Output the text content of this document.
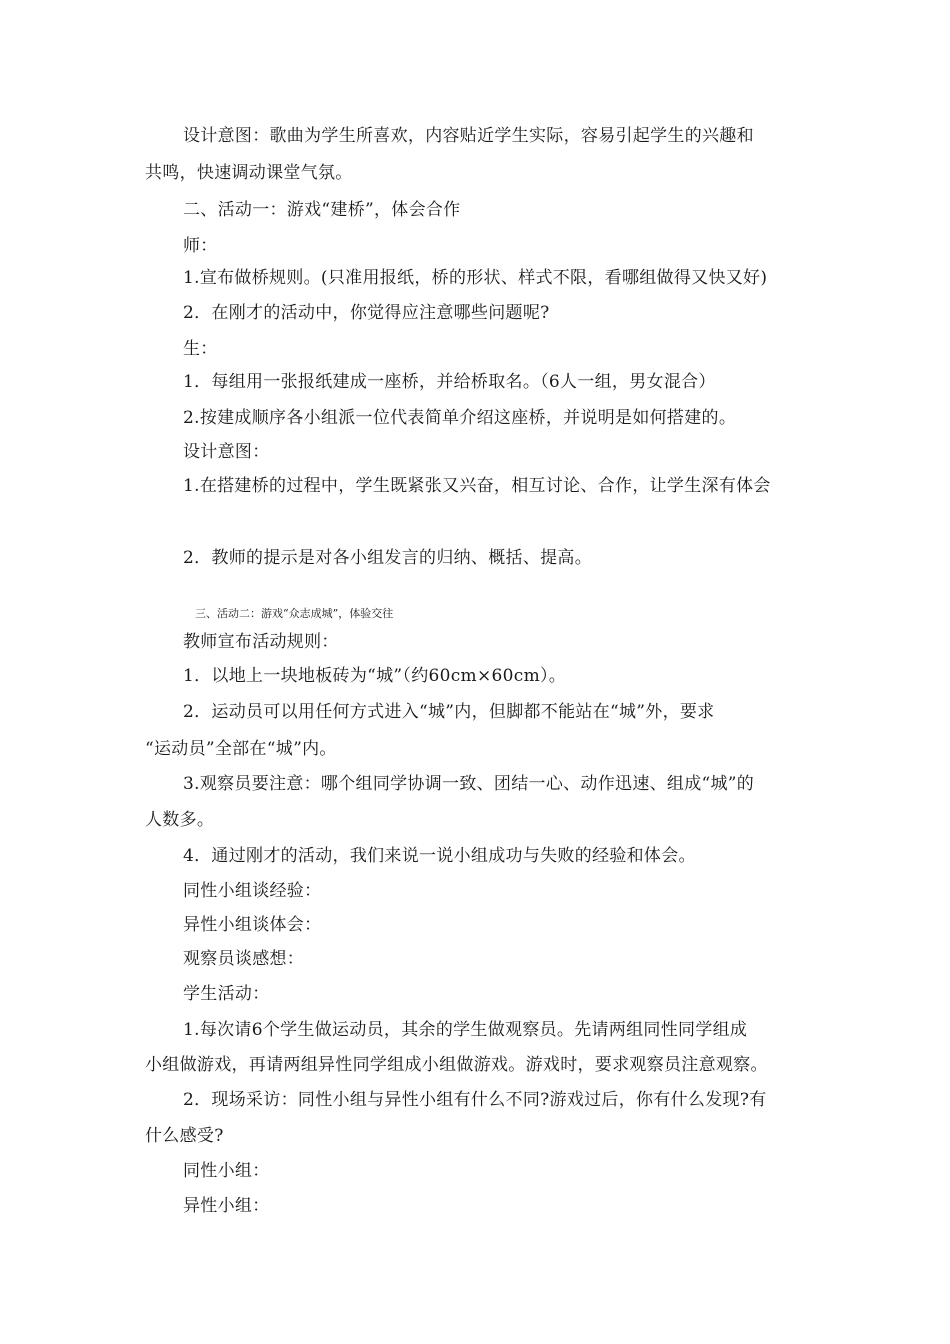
设计意图：歌曲为学生所喜欢，内容贴近学生实际，容易引起学生的兴趣和
共鸣，快速调动课堂气氛。
二、活动一：游戏“建桥”，体会合作
师：
1.宣布做桥规则。(只准用报纸，桥的形状、样式不限，看哪组做得又快又好)
2．在刚才的活动中，你觉得应注意哪些问题呢?
生：
1．每组用一张报纸建成一座桥，并给桥取名。（6人一组，男女混合）
2.按建成顺序各小组派一位代表简单介绍这座桥，并说明是如何搭建的。
设计意图：
1.在搭建桥的过程中，学生既紧张又兴奋，相互讨论、合作，让学生深有体会
2．教师的提示是对各小组发言的归纳、概括、提高。
三、活动二：游戏“众志成城”，体验交往
教师宣布活动规则：
1．以地上一块地板砖为“城”（约60cm×60cm）。
2．运动员可以用任何方式进入“城”内，但脚都不能站在“城”外，要求
“运动员”全部在“城”内。
3.观察员要注意：哪个组同学协调一致、团结一心、动作迅速、组成“城”的
人数多。
4．通过刚才的活动，我们来说一说小组成功与失败的经验和体会。
同性小组谈经验：
异性小组谈体会：
观察员谈感想：
学生活动：
1.每次请6个学生做运动员，其余的学生做观察员。先请两组同性同学组成
小组做游戏，再请两组异性同学组成小组做游戏。游戏时，要求观察员注意观察。
2．现场采访：同性小组与异性小组有什么不同?游戏过后，你有什么发现?有
什么感受?
同性小组：
异性小组：
